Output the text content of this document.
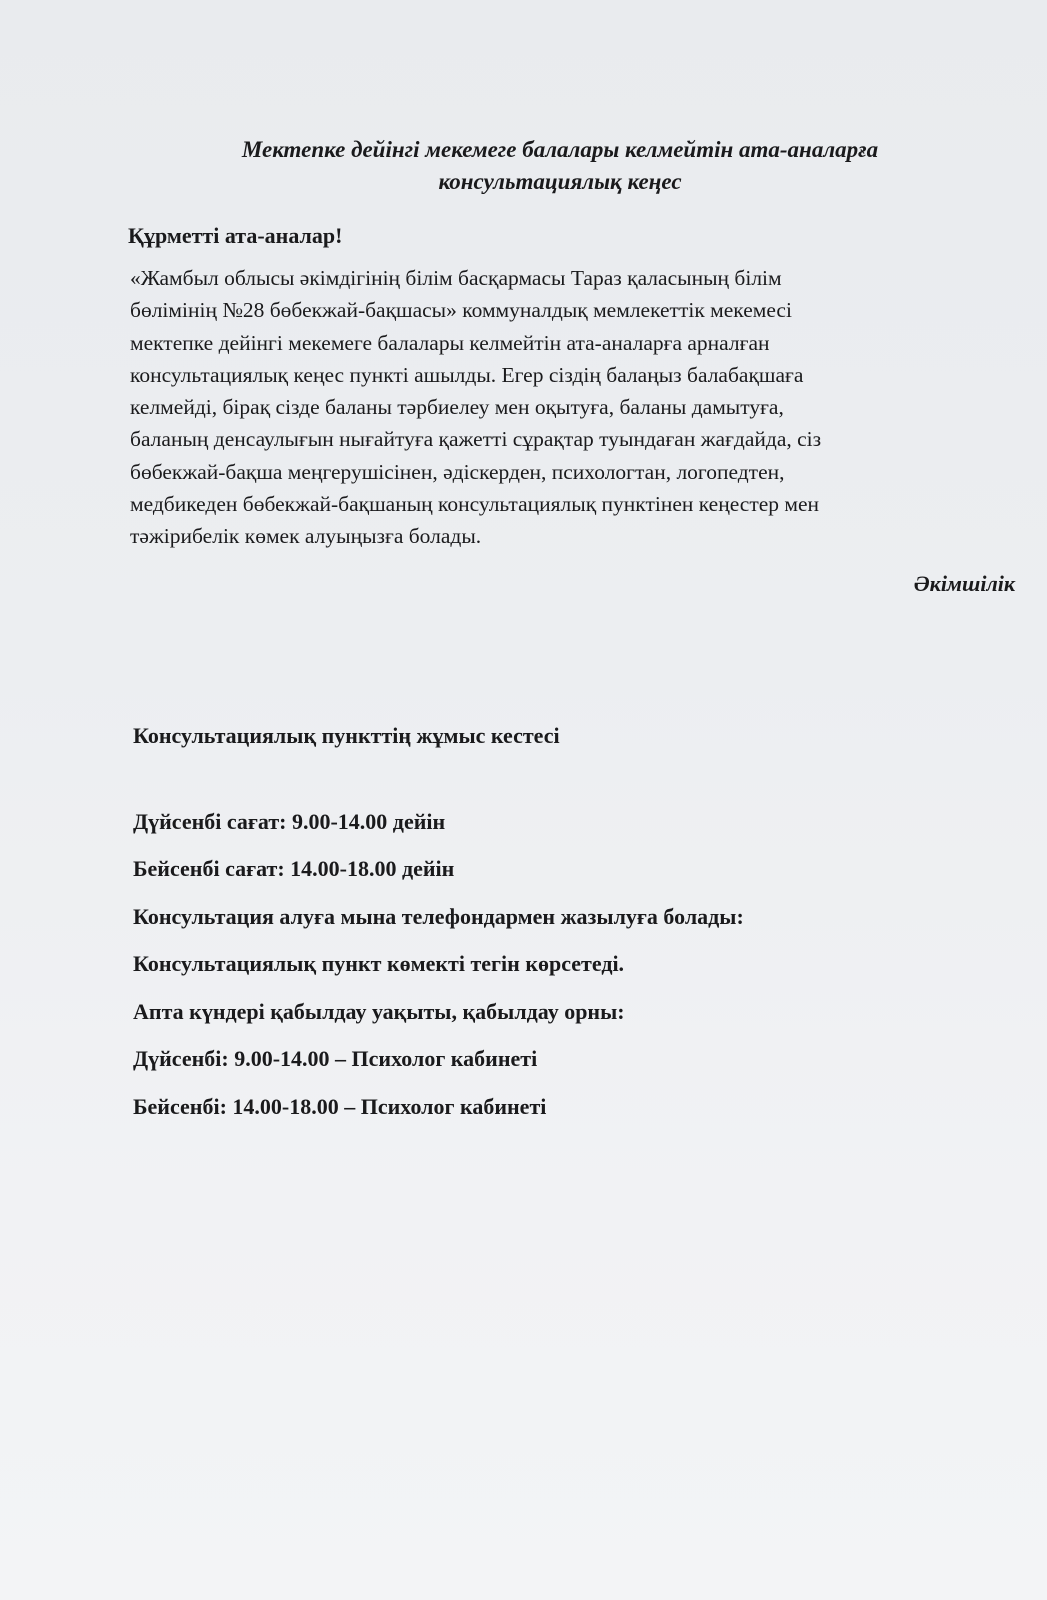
Мектепке дейінгі мекемеге балалары келмейтін ата-аналарға
консультациялық кеңес
Құрметті ата-аналар!

«Жамбыл облысы әкімдігінің білім басқармасы Тараз қаласының білім
бөлімінің №28 бөбекжай-бақшасы» коммуналдық мемлекеттік мекемесі
мектепке дейінгі мекемеге балалары келмейтін ата-аналарға арналған
консультациялық кеңес пункті ашылды. Егер сіздің балаңыз балабақшаға
келмейді, бірақ сізде баланы тәрбиелеу мен оқытуға, баланы дамытуға,
баланың денсаулығын нығайтуға қажетті сұрақтар туындаған жағдайда, сіз
бөбекжай-бақша меңгерушісінен, әдіскерден, психологтан, логопедтен,
медбикеден бөбекжай-бақшаның консультациялық пунктінен кеңестер мен
тәжірибелік көмек алуыңызға болады.

Әкімшілік
Консультациялық пункттің жұмыс кестесі
Дүйсенбі сағат: 9.00-14.00 дейін
Бейсенбі сағат: 14.00-18.00 дейін
Консультация алуға мына телефондармен жазылуға болады:
Консультациялық пункт көмекті тегін көрсетеді.
Апта күндері қабылдау уақыты, қабылдау орны:
Дүйсенбі: 9.00-14.00 – Психолог кабинеті
Бейсенбі: 14.00-18.00 – Психолог кабинеті
